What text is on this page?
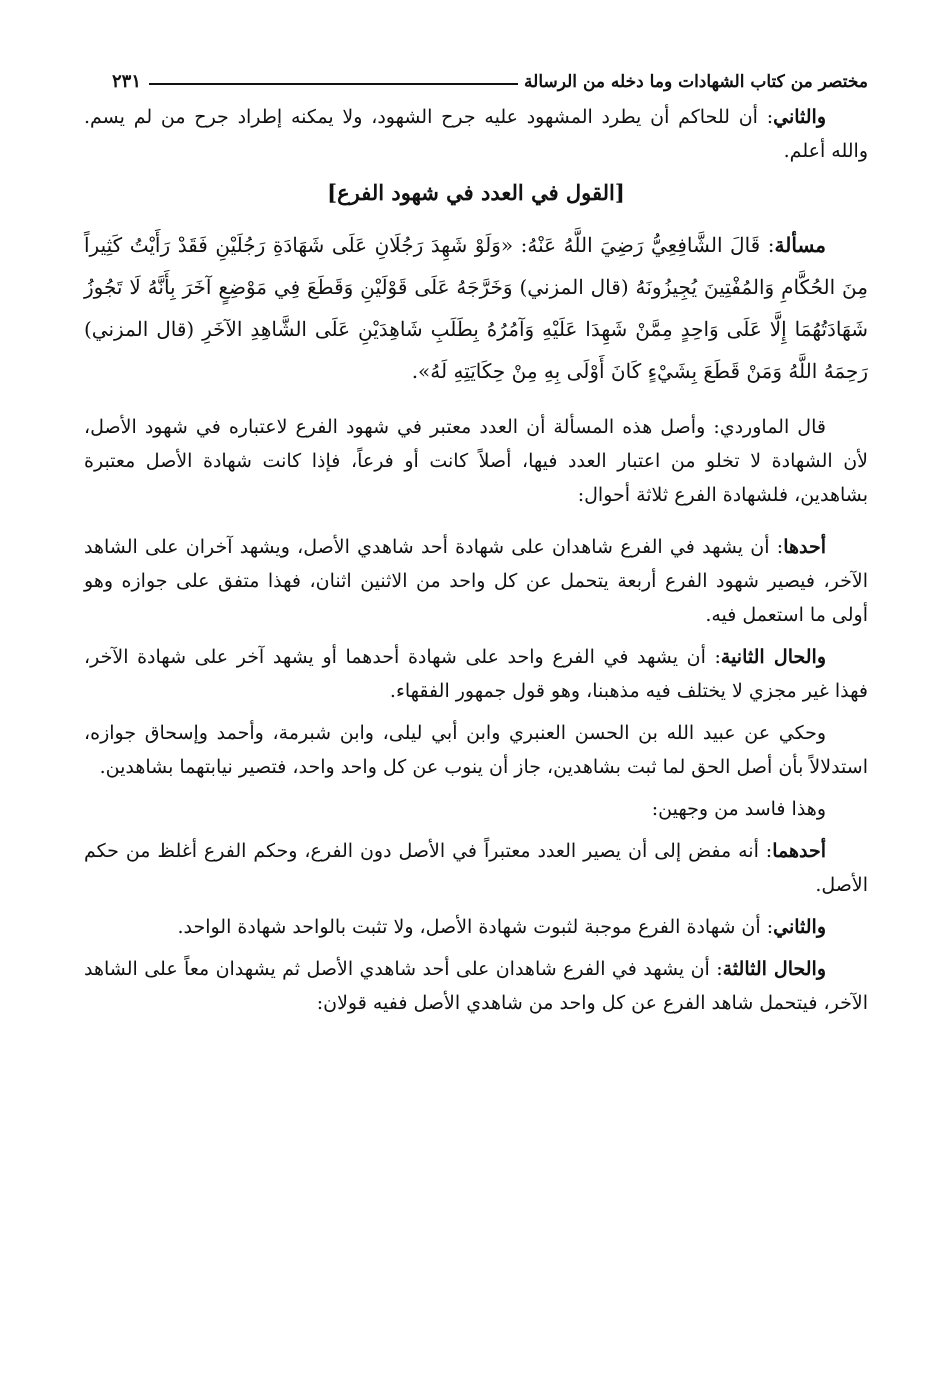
مختصر من كتاب الشهادات وما دخله من الرسالة
٢٣١

والثاني: أن للحاكم أن يطرد المشهود عليه جرح الشهود، ولا يمكنه إطراد جرح من لم يسم. والله أعلم.

[القول في العدد في شهود الفرع]

مسألة: قَالَ الشَّافِعِيُّ رَضِيَ اللَّهُ عَنْهُ: «وَلَوْ شَهِدَ رَجُلَانِ عَلَى شَهَادَةِ رَجُلَيْنِ فَقَدْ رَأَيْتُ كَثِيراً مِنَ الحُكَّامِ وَالمُفْتِينَ يُجِيزُونَهُ (قال المزني) وَخَرَّجَهُ عَلَى قَوْلَيْنِ وَقَطَعَ فِي مَوْضِعٍ آخَرَ بِأَنَّهُ لَا تَجُوزُ شَهَادَتُهُمَا إِلَّا عَلَى وَاحِدٍ مِمَّنْ شَهِدَا عَلَيْهِ وَآمُرُهُ بِطَلَبِ شَاهِدَيْنِ عَلَى الشَّاهِدِ الآخَرِ (قال المزني) رَحِمَهُ اللَّهُ وَمَنْ قَطَعَ بِشَيْءٍ كَانَ أَوْلَى بِهِ مِنْ حِكَايَتِهِ لَهُ».

قال الماوردي: وأصل هذه المسألة أن العدد معتبر في شهود الفرع لاعتباره في شهود الأصل، لأن الشهادة لا تخلو من اعتبار العدد فيها، أصلاً كانت أو فرعاً، فإذا كانت شهادة الأصل معتبرة بشاهدين، فلشهادة الفرع ثلاثة أحوال:

أحدها: أن يشهد في الفرع شاهدان على شهادة أحد شاهدي الأصل، ويشهد آخران على الشاهد الآخر، فيصير شهود الفرع أربعة يتحمل عن كل واحد من الاثنين اثنان، فهذا متفق على جوازه وهو أولى ما استعمل فيه.

والحال الثانية: أن يشهد في الفرع واحد على شهادة أحدهما أو يشهد آخر على شهادة الآخر، فهذا غير مجزي لا يختلف فيه مذهبنا، وهو قول جمهور الفقهاء.

وحكي عن عبيد الله بن الحسن العنبري وابن أبي ليلى، وابن شبرمة، وأحمد وإسحاق جوازه، استدلالاً بأن أصل الحق لما ثبت بشاهدين، جاز أن ينوب عن كل واحد واحد، فتصير نيابتهما بشاهدين.

وهذا فاسد من وجهين:

أحدهما: أنه مفض إلى أن يصير العدد معتبراً في الأصل دون الفرع، وحكم الفرع أغلظ من حكم الأصل.

والثاني: أن شهادة الفرع موجبة لثبوت شهادة الأصل، ولا تثبت بالواحد شهادة الواحد.

والحال الثالثة: أن يشهد في الفرع شاهدان على أحد شاهدي الأصل ثم يشهدان معاً على الشاهد الآخر، فيتحمل شاهد الفرع عن كل واحد من شاهدي الأصل ففيه قولان:
